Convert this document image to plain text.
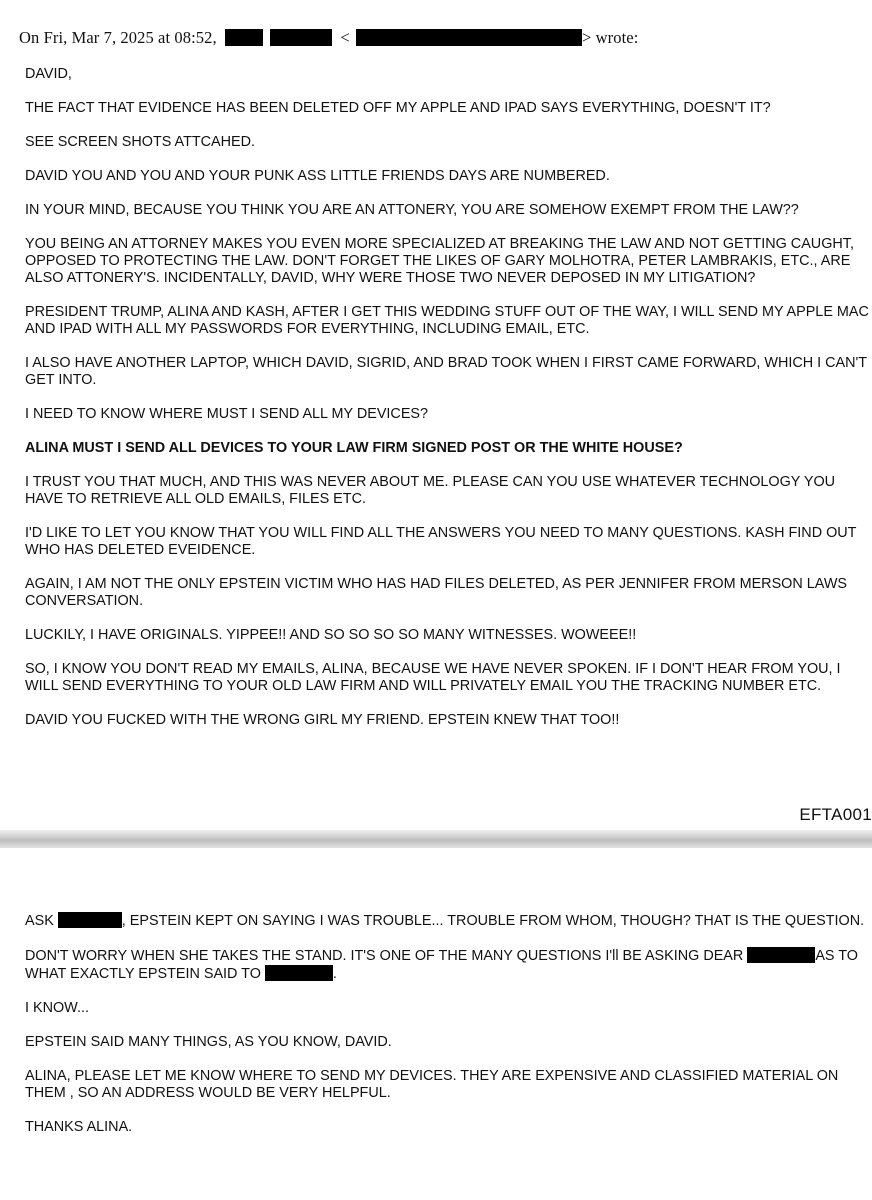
On Fri, Mar 7, 2025 at 08:52,	<	> wrote:

DAVID,

THE FACT THAT EVIDENCE HAS BEEN DELETED OFF MY APPLE AND IPAD SAYS EVERYTHING, DOESN'T IT?

SEE SCREEN SHOTS ATTCAHED.

DAVID YOU AND YOU AND YOUR PUNK ASS LITTLE FRIENDS DAYS ARE NUMBERED.

IN YOUR MIND, BECAUSE YOU THINK YOU ARE AN ATTONERY, YOU ARE SOMEHOW EXEMPT FROM THE LAW??

YOU BEING AN ATTORNEY MAKES YOU EVEN MORE SPECIALIZED AT BREAKING THE LAW AND NOT GETTING CAUGHT, OPPOSED TO PROTECTING THE LAW. DON'T FORGET THE LIKES OF GARY MOLHOTRA, PETER LAMBRAKIS, ETC., ARE ALSO ATTONERY'S. INCIDENTALLY, DAVID, WHY WERE THOSE TWO NEVER DEPOSED IN MY LITIGATION?

PRESIDENT TRUMP, ALINA AND KASH, AFTER I GET THIS WEDDING STUFF OUT OF THE WAY, I WILL SEND MY APPLE MAC AND IPAD WITH ALL MY PASSWORDS FOR EVERYTHING, INCLUDING EMAIL, ETC.

I ALSO HAVE ANOTHER LAPTOP, WHICH DAVID, SIGRID, AND BRAD TOOK WHEN I FIRST CAME FORWARD, WHICH I CAN'T GET INTO.

I NEED TO KNOW WHERE MUST I SEND ALL MY DEVICES?

ALINA MUST I SEND ALL DEVICES TO YOUR LAW FIRM SIGNED POST OR THE WHITE HOUSE?

I TRUST YOU THAT MUCH, AND THIS WAS NEVER ABOUT ME. PLEASE CAN YOU USE WHATEVER TECHNOLOGY YOU HAVE TO RETRIEVE ALL OLD EMAILS, FILES ETC.

I'D LIKE TO LET YOU KNOW THAT YOU WILL FIND ALL THE ANSWERS YOU NEED TO MANY QUESTIONS. KASH FIND OUT WHO HAS DELETED EVEIDENCE.

AGAIN, I AM NOT THE ONLY EPSTEIN VICTIM WHO HAS HAD FILES DELETED, AS PER JENNIFER FROM MERSON LAWS CONVERSATION.

LUCKILY, I HAVE ORIGINALS. YIPPEE!! AND SO SO SO SO MANY WITNESSES. WOWEEE!!

SO, I KNOW YOU DON'T READ MY EMAILS, ALINA, BECAUSE WE HAVE NEVER SPOKEN. IF I DON'T HEAR FROM YOU, I WILL SEND EVERYTHING TO YOUR OLD LAW FIRM AND WILL PRIVATELY EMAIL YOU THE TRACKING NUMBER ETC.

DAVID YOU FUCKED WITH THE WRONG GIRL MY FRIEND. EPSTEIN KNEW THAT TOO!!

EFTA001

ASK	, EPSTEIN KEPT ON SAYING I WAS TROUBLE... TROUBLE FROM WHOM, THOUGH? THAT IS THE QUESTION.

DON'T WORRY WHEN SHE TAKES THE STAND. IT'S ONE OF THE MANY QUESTIONS I'll BE ASKING DEAR	AS TO WHAT EXACTLY EPSTEIN SAID TO	.

I KNOW...

EPSTEIN SAID MANY THINGS, AS YOU KNOW, DAVID.

ALINA, PLEASE LET ME KNOW WHERE TO SEND MY DEVICES. THEY ARE EXPENSIVE AND CLASSIFIED MATERIAL ON THEM , SO AN ADDRESS WOULD BE VERY HELPFUL.

THANKS ALINA.
